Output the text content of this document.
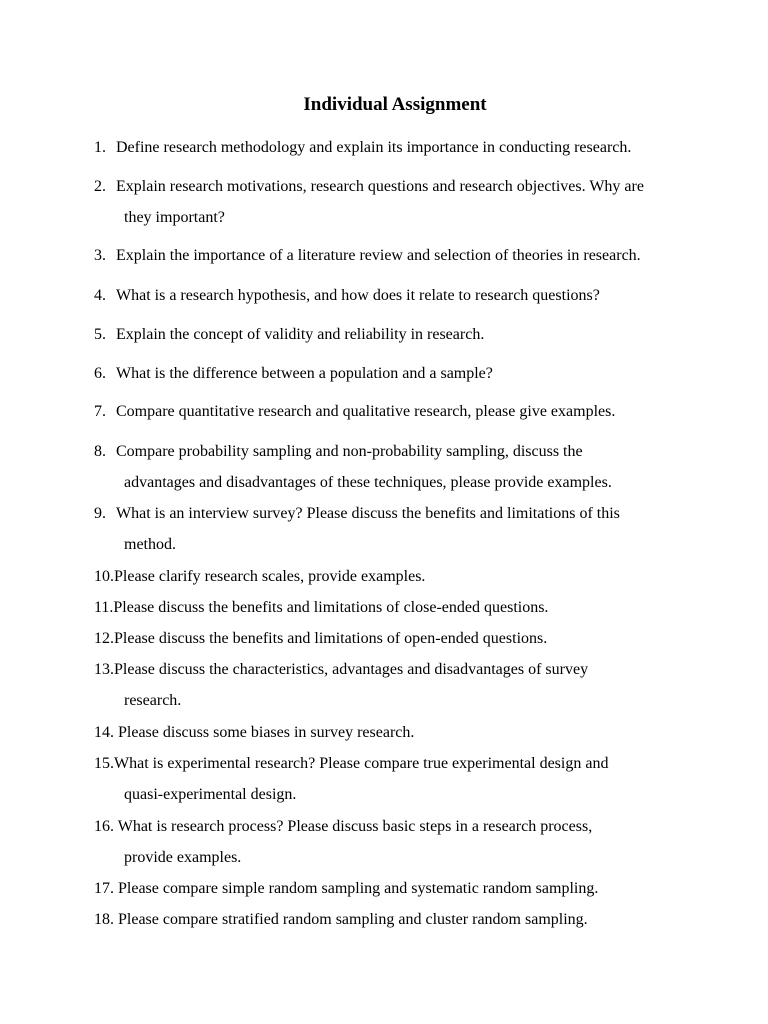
Individual Assignment
1. Define research methodology and explain its importance in conducting research.
2. Explain research motivations, research questions and research objectives. Why are
they important?
3. Explain the importance of a literature review and selection of theories in research.
4. What is a research hypothesis, and how does it relate to research questions?
5. Explain the concept of validity and reliability in research.
6. What is the difference between a population and a sample?
7. Compare quantitative research and qualitative research, please give examples.
8. Compare probability sampling and non-probability sampling, discuss the
advantages and disadvantages of these techniques, please provide examples.
9. What is an interview survey? Please discuss the benefits and limitations of this
method.
10.Please clarify research scales, provide examples.
11.Please discuss the benefits and limitations of close-ended questions.
12.Please discuss the benefits and limitations of open-ended questions.
13.Please discuss the characteristics, advantages and disadvantages of survey
research.
14. Please discuss some biases in survey research.
15.What is experimental research? Please compare true experimental design and
quasi-experimental design.
16. What is research process? Please discuss basic steps in a research process,
provide examples.
17. Please compare simple random sampling and systematic random sampling.
18. Please compare stratified random sampling and cluster random sampling.
